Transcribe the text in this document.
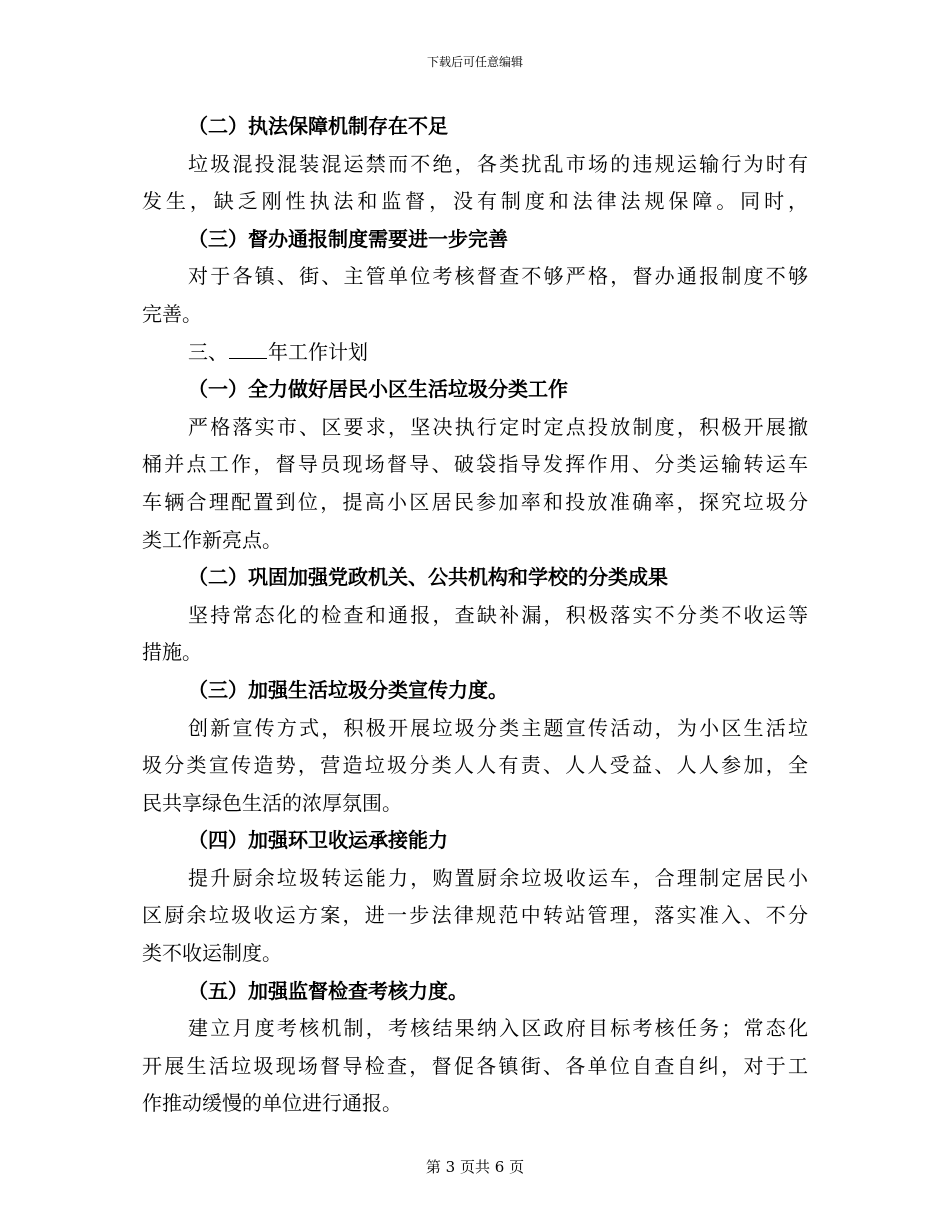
下载后可任意编辑
（二）执法保障机制存在不足
垃圾混投混装混运禁而不绝，各类扰乱市场的违规运输行为时有
发生，缺乏刚性执法和监督，没有制度和法律法规保障。同时，
（三）督办通报制度需要进一步完善
对于各镇、街、主管单位考核督查不够严格，督办通报制度不够
完善。
三、 年工作计划
（一）全力做好居民小区生活垃圾分类工作
严格落实市、区要求，坚决执行定时定点投放制度，积极开展撤
桶并点工作，督导员现场督导、破袋指导发挥作用、分类运输转运车
车辆合理配置到位，提高小区居民参加率和投放准确率，探究垃圾分
类工作新亮点。
（二）巩固加强党政机关、公共机构和学校的分类成果
坚持常态化的检查和通报，查缺补漏，积极落实不分类不收运等
措施。
（三）加强生活垃圾分类宣传力度。
创新宣传方式，积极开展垃圾分类主题宣传活动，为小区生活垃
圾分类宣传造势，营造垃圾分类人人有责、人人受益、人人参加，全
民共享绿色生活的浓厚氛围。
（四）加强环卫收运承接能力
提升厨余垃圾转运能力，购置厨余垃圾收运车，合理制定居民小
区厨余垃圾收运方案，进一步法律规范中转站管理，落实准入、不分
类不收运制度。
（五）加强监督检查考核力度。
建立月度考核机制，考核结果纳入区政府目标考核任务；常态化
开展生活垃圾现场督导检查，督促各镇街、各单位自查自纠，对于工
作推动缓慢的单位进行通报。
第 3 页共 6 页
